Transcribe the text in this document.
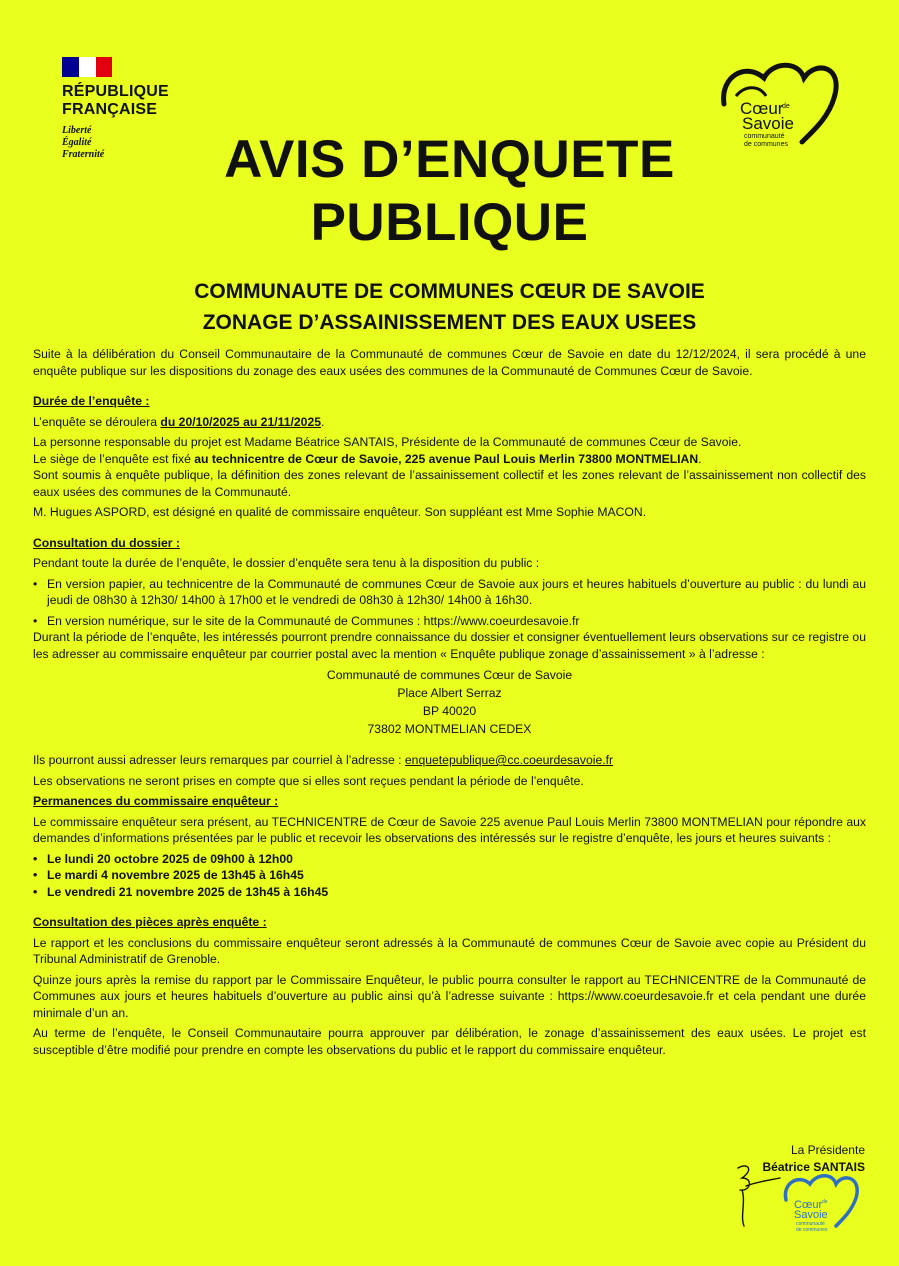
RÉPUBLIQUE
FRANÇAISE
Liberté
Égalité
Fraternité
Cœur
de
Savoie
communauté
de communes
AVIS D’ENQUETE
PUBLIQUE
COMMUNAUTE DE COMMUNES CŒUR DE SAVOIE
ZONAGE D’ASSAINISSEMENT DES EAUX USEES

Suite à la délibération du Conseil Communautaire de la Communauté de communes Cœur de Savoie en date du 12/12/2024, il sera procédé à une enquête publique sur les dispositions du zonage des eaux usées des communes de la Communauté de Communes Cœur de Savoie.

Durée de l’enquête :

L’enquête se déroulera du 20/10/2025 au 21/11/2025.

La personne responsable du projet est Madame Béatrice SANTAIS, Présidente de la Communauté de communes Cœur de Savoie.

Le siège de l’enquête est fixé au technicentre de Cœur de Savoie, 225 avenue Paul Louis Merlin 73800 MONTMELIAN.

Sont soumis à enquête publique, la définition des zones relevant de l’assainissement collectif et les zones relevant de l’assainissement non collectif des eaux usées des communes de la Communauté.

M. Hugues ASPORD, est désigné en qualité de commissaire enquêteur. Son suppléant est Mme Sophie MACON.

Consultation du dossier :

Pendant toute la durée de l’enquête, le dossier d’enquête sera tenu à la disposition du public :

• En version papier, au technicentre de la Communauté de communes Cœur de Savoie aux jours et heures habituels d’ouverture au public : du lundi au jeudi de 08h30 à 12h30/ 14h00 à 17h00 et le vendredi de 08h30 à 12h30/ 14h00 à 16h30.
• En version numérique, sur le site de la Communauté de Communes : https://www.coeurdesavoie.fr

Durant la période de l’enquête, les intéressés pourront prendre connaissance du dossier et consigner éventuellement leurs observations sur ce registre ou les adresser au commissaire enquêteur par courrier postal avec la mention « Enquête publique zonage d’assainissement » à l’adresse :

Communauté de communes Cœur de Savoie
Place Albert Serraz
BP 40020
73802 MONTMELIAN CEDEX

Ils pourront aussi adresser leurs remarques par courriel à l’adresse : enquetepublique@cc.coeurdesavoie.fr

Les observations ne seront prises en compte que si elles sont reçues pendant la période de l’enquête.

Permanences du commissaire enquêteur :

Le commissaire enquêteur sera présent, au TECHNICENTRE de Cœur de Savoie 225 avenue Paul Louis Merlin 73800 MONTMELIAN pour répondre aux demandes d’informations présentées par le public et recevoir les observations des intéressés sur le registre d’enquête, les jours et heures suivants :

• Le lundi 20 octobre 2025 de 09h00 à 12h00
• Le mardi 4 novembre 2025 de 13h45 à 16h45
• Le vendredi 21 novembre 2025 de 13h45 à 16h45

Consultation des pièces après enquête :

Le rapport et les conclusions du commissaire enquêteur seront adressés à la Communauté de communes Cœur de Savoie avec copie au Président du Tribunal Administratif de Grenoble.

Quinze jours après la remise du rapport par le Commissaire Enquêteur, le public pourra consulter le rapport au TECHNICENTRE de la Communauté de Communes aux jours et heures habituels d’ouverture au public ainsi qu’à l’adresse suivante : https://www.coeurdesavoie.fr et cela pendant une durée minimale d’un an.

Au terme de l’enquête, le Conseil Communautaire pourra approuver par délibération, le zonage d’assainissement des eaux usées. Le projet est susceptible d’être modifié pour prendre en compte les observations du public et le rapport du commissaire enquêteur.

La Présidente
Béatrice SANTAIS
Cœur de
Savoie
communauté
de communes
